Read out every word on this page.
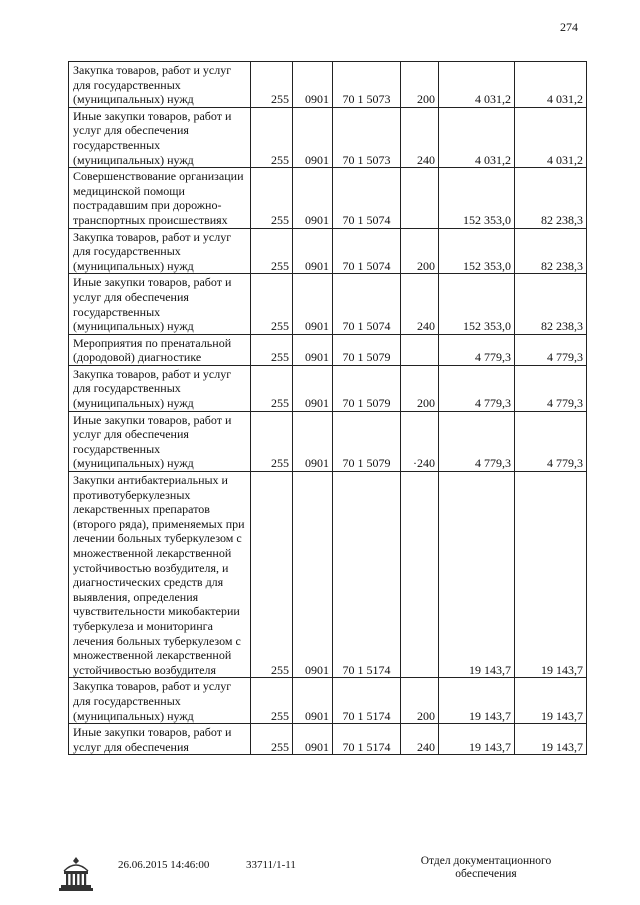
274
Закупка товаров, работ и услуг для государственных (муниципальных) нужд	255	0901	70 1 5073	200	4 031,2	4 031,2
Иные закупки товаров, работ и услуг для обеспечения государственных (муниципальных) нужд	255	0901	70 1 5073	240	4 031,2	4 031,2
Совершенствование организации медицинской помощи пострадавшим при дорожно-транспортных происшествиях	255	0901	70 1 5074		152 353,0	82 238,3
Закупка товаров, работ и услуг для государственных (муниципальных) нужд	255	0901	70 1 5074	200	152 353,0	82 238,3
Иные закупки товаров, работ и услуг для обеспечения государственных (муниципальных) нужд	255	0901	70 1 5074	240	152 353,0	82 238,3
Мероприятия по пренатальной (дородовой) диагностике	255	0901	70 1 5079		4 779,3	4 779,3
Закупка товаров, работ и услуг для государственных (муниципальных) нужд	255	0901	70 1 5079	200	4 779,3	4 779,3
Иные закупки товаров, работ и услуг для обеспечения государственных (муниципальных) нужд	255	0901	70 1 5079	·240	4 779,3	4 779,3
Закупки антибактериальных и противотуберкулезных лекарственных препаратов (второго ряда), применяемых при лечении больных туберкулезом с множественной лекарственной устойчивостью возбудителя, и диагностических средств для выявления, определения чувствительности микобактерии туберкулеза и мониторинга лечения больных туберкулезом с множественной лекарственной устойчивостью возбудителя	255	0901	70 1 5174		19 143,7	19 143,7
Закупка товаров, работ и услуг для государственных (муниципальных) нужд	255	0901	70 1 5174	200	19 143,7	19 143,7
Иные закупки товаров, работ и услуг для обеспечения	255	0901	70 1 5174	240	19 143,7	19 143,7
26.06.2015 14:46:00	33711/1-11	Отдел документационного обеспечения
